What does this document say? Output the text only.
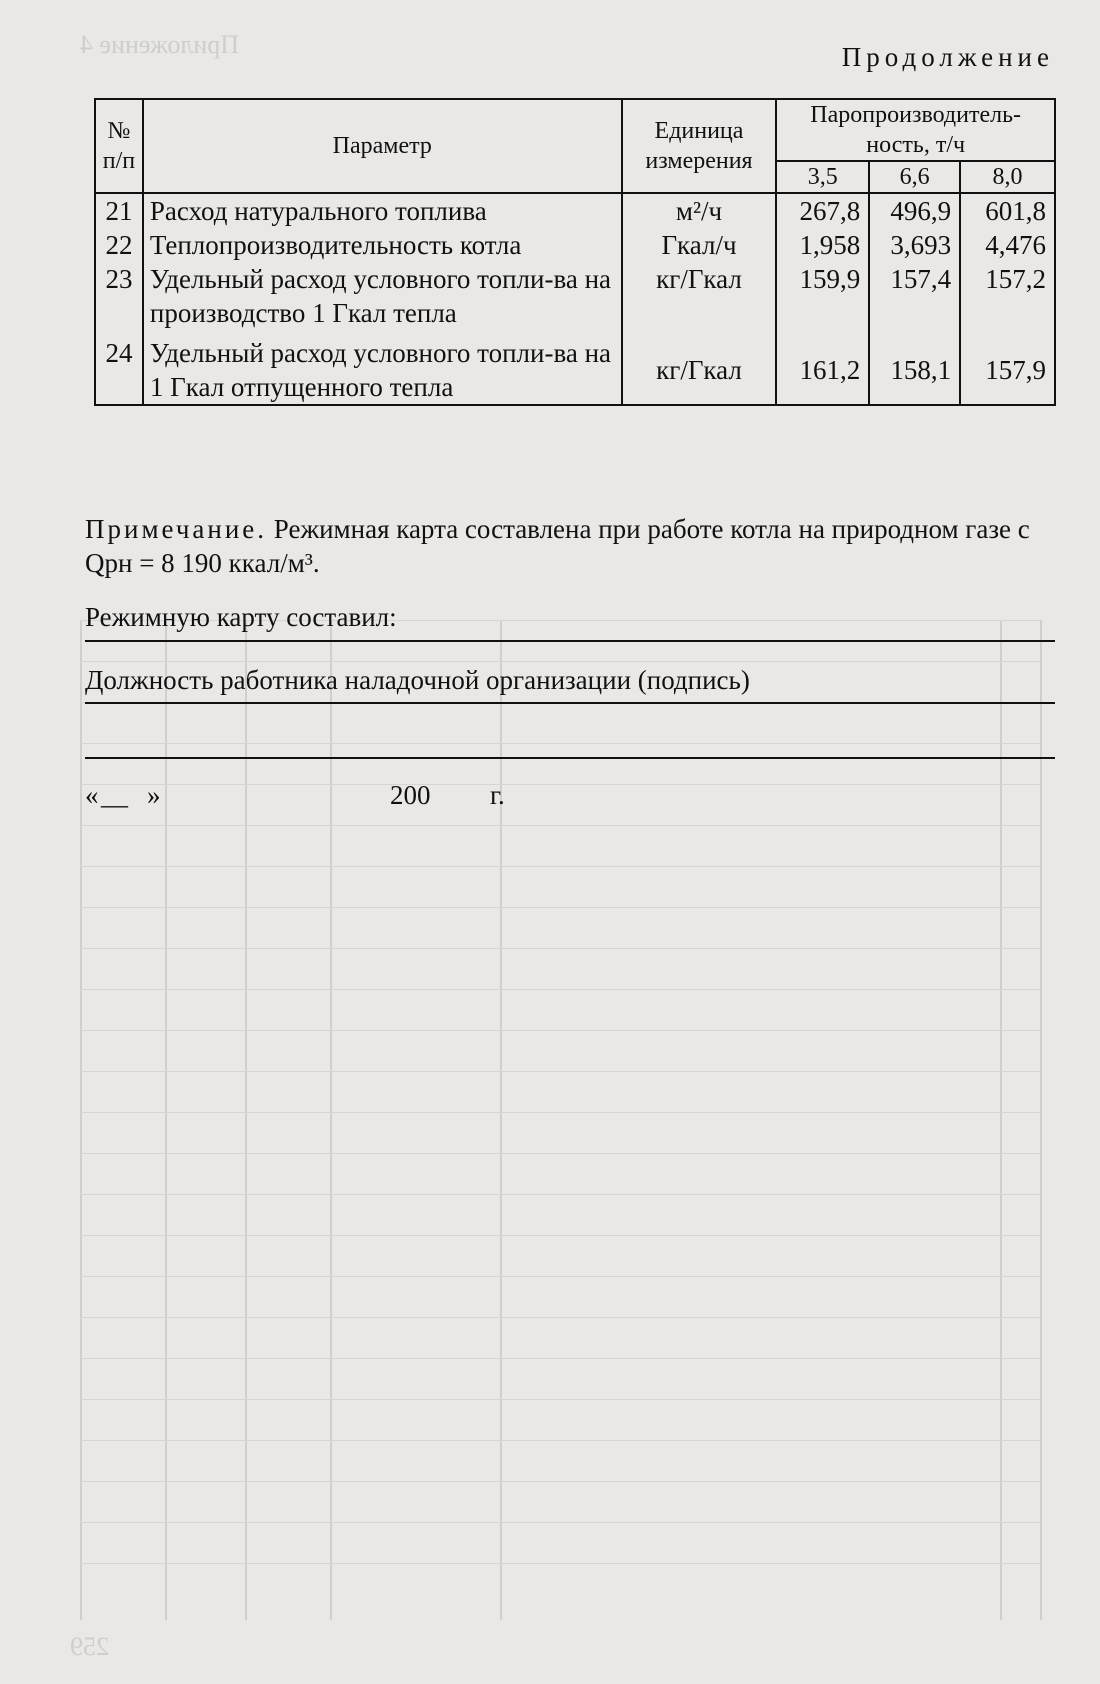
Приложение 4
259
Продолжение
№ п/п	Параметр	Единица измерения	Паропроизводитель-ность, т/ч		
			3,5	6,6	8,0
21	Расход натурального топлива	м²/ч	267,8	496,9	601,8
22	Теплопроизводительность котла	Гкал/ч	1,958	3,693	4,476
23	Удельный расход условного топли-ва на производство 1 Гкал тепла	кг/Гкал	159,9	157,4	157,2
24	Удельный расход условного топли-ва на 1 Гкал отпущенного тепла	кг/Гкал	161,2	158,1	157,9
Примечание. Режимная карта составлена при работе котла на природном газе с Qрн = 8 190 ккал/м³.
Режимную карту составил:
Должность работника наладочной организации (подпись)
« __ »	200 г.
